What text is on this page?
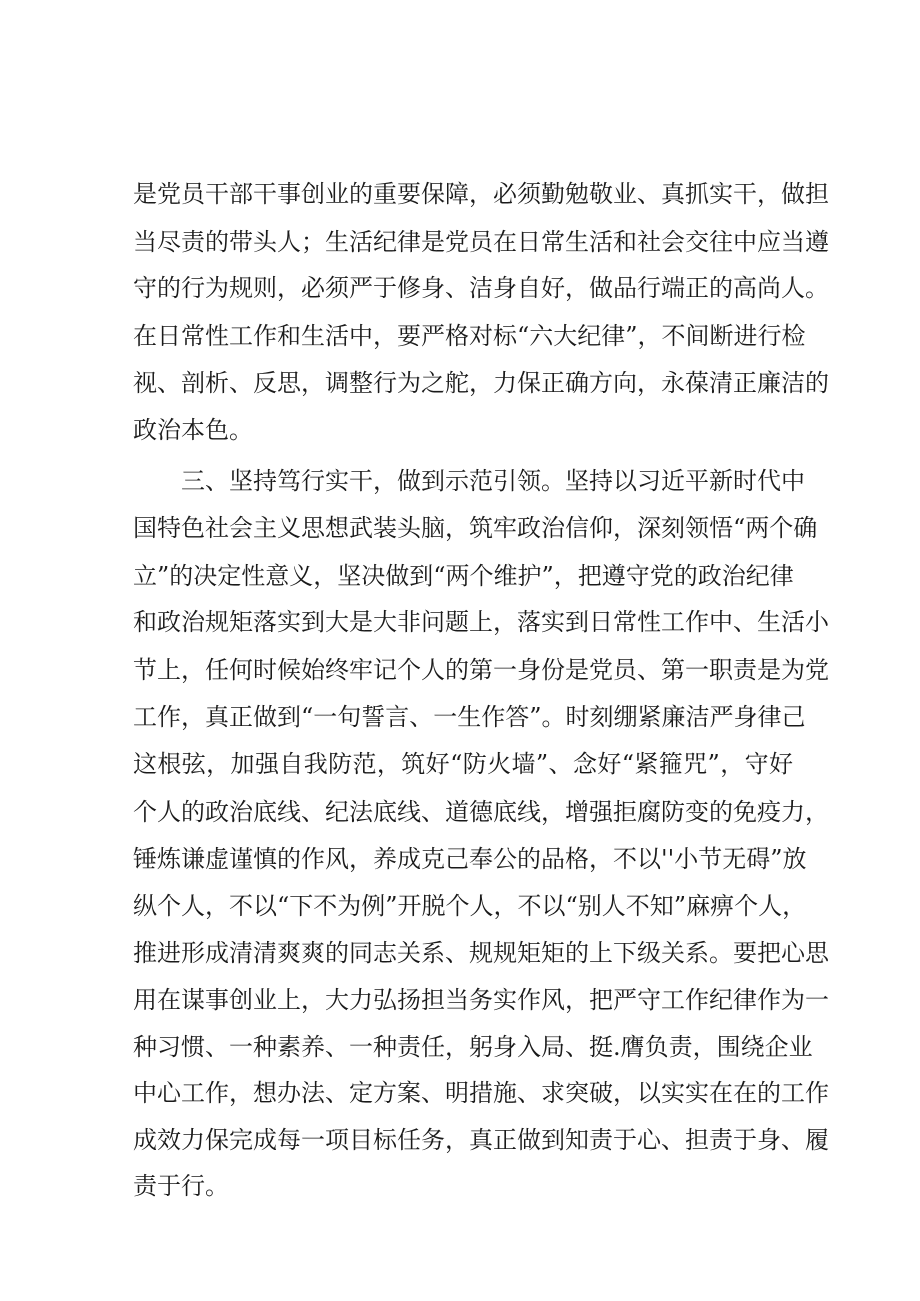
是党员干部干事创业的重要保障，必须勤勉敬业、真抓实干，做担

当尽责的带头人；生活纪律是党员在日常生活和社会交往中应当遵

守的行为规则，必须严于修身、洁身自好，做品行端正的高尚人。

在日常性工作和生活中，要严格对标“六大纪律”，不间断进行检

视、剖析、反思，调整行为之舵，力保正确方向，永葆清正廉洁的

政治本色。

三、坚持笃行实干，做到示范引领。坚持以习近平新时代中

国特色社会主义思想武装头脑，筑牢政治信仰，深刻领悟“两个确

立”的决定性意义，坚决做到“两个维护”，把遵守党的政治纪律

和政治规矩落实到大是大非问题上，落实到日常性工作中、生活小

节上，任何时候始终牢记个人的第一身份是党员、第一职责是为党

工作，真正做到“一句誓言、一生作答”。时刻绷紧廉洁严身律己

这根弦，加强自我防范，筑好“防火墙”、念好“紧箍咒”，守好

个人的政治底线、纪法底线、道德底线，增强拒腐防变的免疫力，

锤炼谦虚谨慎的作风，养成克己奉公的品格，不以''小节无碍”放

纵个人，不以“下不为例”开脱个人，不以“别人不知”麻痹个人，

推进形成清清爽爽的同志关系、规规矩矩的上下级关系。要把心思

用在谋事创业上，大力弘扬担当务实作风，把严守工作纪律作为一

种习惯、一种素养、一种责任，躬身入局、挺.膺负责，围绕企业

中心工作，想办法、定方案、明措施、求突破，以实实在在的工作

成效力保完成每一项目标任务，真正做到知责于心、担责于身、履

责于行。
